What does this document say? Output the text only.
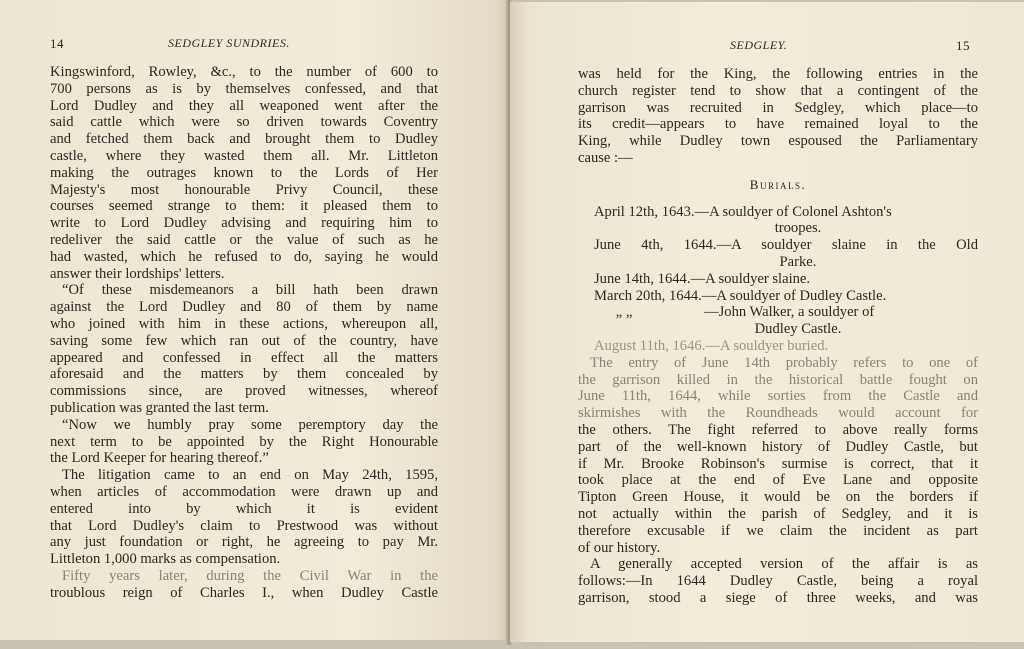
14	SEDGLEY SUNDRIES.
Kingswinford, Rowley, &c., to the number of 600 to
700 persons as is by themselves confessed, and that
Lord Dudley and they all weaponed went after the
said cattle which were so driven towards Coventry
and fetched them back and brought them to Dudley
castle, where they wasted them all. Mr. Littleton
making the outrages known to the Lords of Her
Majesty's most honourable Privy Council, these
courses seemed strange to them: it pleased them to
write to Lord Dudley advising and requiring him to
redeliver the said cattle or the value of such as he
had wasted, which he refused to do, saying he would
answer their lordships' letters.
“Of these misdemeanors a bill hath been drawn
against the Lord Dudley and 80 of them by name
who joined with him in these actions, whereupon all,
saving some few which ran out of the country, have
appeared and confessed in effect all the matters
aforesaid and the matters by them concealed by
commissions since, are proved witnesses, whereof
publication was granted the last term.
“Now we humbly pray some peremptory day the
next term to be appointed by the Right Honourable
the Lord Keeper for hearing thereof.”
The litigation came to an end on May 24th, 1595,
when articles of accommodation were drawn up and
entered into by which it is evident
that Lord Dudley's claim to Prestwood was without
any just foundation or right, he agreeing to pay Mr.
Littleton 1,000 marks as compensation.
Fifty years later, during the Civil War in the
troublous reign of Charles I., when Dudley Castle
SEDGLEY.	15
was held for the King, the following entries in the
church register tend to show that a contingent of the
garrison was recruited in Sedgley, which place—to
its credit—appears to have remained loyal to the
King, while Dudley town espoused the Parliamentary
cause :—
Burials.
April 12th, 1643.—A souldyer of Colonel Ashton's
troopes.
June 4th, 1644.—A souldyer slaine in the Old
Parke.
June 14th, 1644.—A souldyer slaine.
March 20th, 1644.—A souldyer of Dudley Castle.
„ „	—John Walker, a souldyer of
Dudley Castle.
August 11th, 1646.—A souldyer buried.
The entry of June 14th probably refers to one of
the garrison killed in the historical battle fought on
June 11th, 1644, while sorties from the Castle and
skirmishes with the Roundheads would account for
the others. The fight referred to above really forms
part of the well-known history of Dudley Castle, but
if Mr. Brooke Robinson's surmise is correct, that it
took place at the end of Eve Lane and opposite
Tipton Green House, it would be on the borders if
not actually within the parish of Sedgley, and it is
therefore excusable if we claim the incident as part
of our history.
A generally accepted version of the affair is as
follows:—In 1644 Dudley Castle, being a royal
garrison, stood a siege of three weeks, and was
